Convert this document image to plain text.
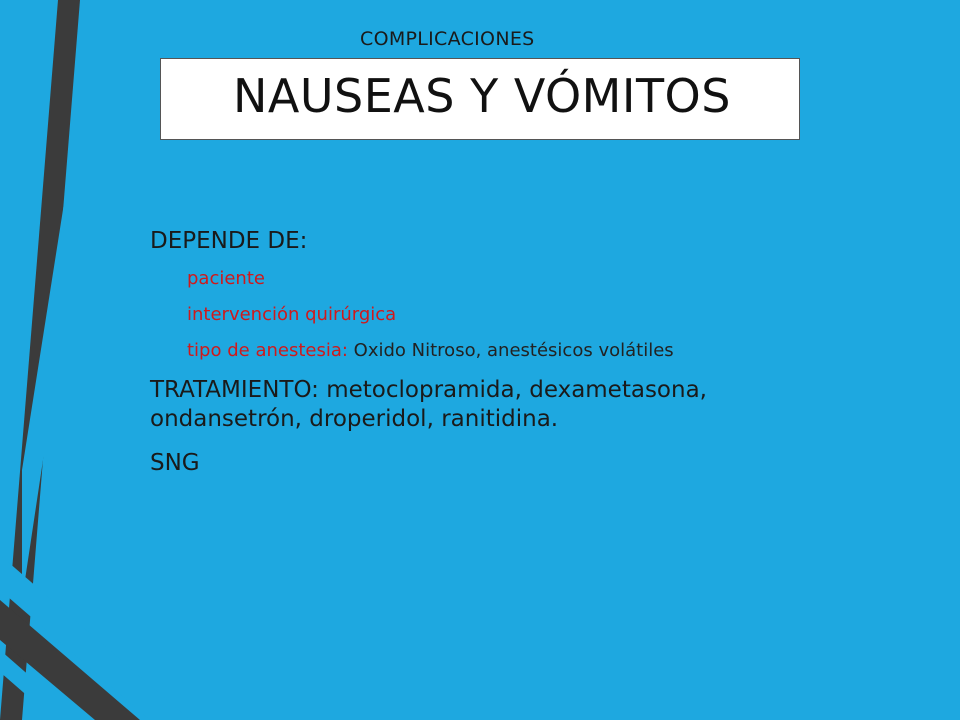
COMPLICACIONES
NAUSEAS Y VÓMITOS
DEPENDE DE:
paciente
intervención quirúrgica
tipo de anestesia: Oxido Nitroso, anestésicos volátiles

TRATAMIENTO: metoclopramida, dexametasona, ondansetrón, droperidol, ranitidina.

SNG
